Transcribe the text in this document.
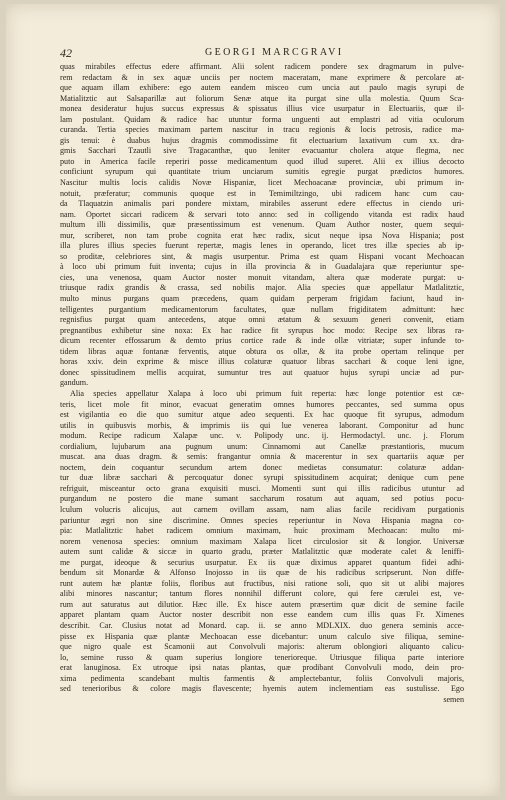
42	GEORGI MARCGRAVI
quas mirabiles effectus edere affirmant. Alii solent radicem pondere sex dragmarum in pulve-
rem redactam & in sex aquæ unciis per noctem maceratam, mane exprimere & percolare at-
que aquam illam exhibere: ego autem eandem misceo cum uncia aut paulo magis syrupi de
Matialitztic aut Salsaparillæ aut foliorum Senæ atque ita purgat sine ulla molestia. Quum Sca-
monea desideratur hujus succus expressus & spissatus illius vice usurpatur in Electuariis, quæ il-
lam postulant. Quidam & radice hac utuntur forma unguenti aut emplastri ad vitia oculorum
curanda. Tertia species maximam partem nascitur in tracu regionis & locis petrosis, radice ma-
gis tenui: è duabus hujus dragmis commodissime fit electuarium laxativum cum xx. dra-
gmis Sacchari Tzautli sive Tragacanthæ, quo leniter evacuantur cholera atque flegma, nec
puto in America facile reperiri posse medicamentum quod illud superet. Alii ex illius decocto
conficiunt syrupum qui quantitate trium unciarum sumitis egregie purgat prædictos humores.
Nascitur multis locis calidis Novæ Hispaniæ, licet Mechoacanæ provinciæ, ubi primum in-
notuit, præferatur; communis quoque est in Temimiltzingo, ubi radicem hanc cum cau-
da Tlaquatzin animalis pari pondere mixtam, mirabiles asserunt edere effectus in ciendo uri-
nam. Oportet siccari radicem & servari toto anno: sed in colligendo vitanda est radix haud
multum illi dissimilis, quæ præsentissimum est venenum. Quam Author noster, quem sequi-
mur, scriberet, non tam probe cognita erat hæc radix, sicut neque ipsa Nova Hispania; post
illa plures illius species fuerunt repertæ, magis lenes in operando, licet tres illæ species ab ip-
so proditæ, celebriores sint, & magis usurpentur. Prima est quam Hispani vocant Mechoacan
à loco ubi primum fuit inventa; cujus in illa provincia & in Guadalajara quæ reperiuntur spe-
cies, una venenosa, quam Auctor noster monuit vitandam, altera quæ moderate purgat: u-
triusque radix grandis & crassa, sed nobilis major. Alia species quæ appellatur Matlalitztic,
multo minus purgans quam præcedens, quam quidam perperam frigidam faciunt, haud in-
telligentes purgantium medicamentorum facultates, quæ nullam frigiditatem admittunt: hæc
regnisfius purgat quam antecedens, atque omni ætatum & sexuum generi convenit, etiam
pregnantibus exhibetur sine noxa: Ex hac radice fit syrupus hoc modo: Recipe sex libras ra-
dicum recenter effossarum & demto prius cortice rade & inde ollæ vitriatæ; super infunde to-
tidem libras aquæ fontanæ ferventis, atque obtura os ollæ, & ita probe opertam relinque per
horas xxiv. dein exprime & misce illius colaturæ quatuor libras sacchari & coque leni igne,
donec spissitudinem mellis acquirat, sumuntur tres aut quatuor hujus syrupi unciæ ad pur-
gandum.
Alia species appellatur Xalapa à loco ubi primum fuit reperta: hæc longe potentior est cæ-
teris, licet mole fit minor, evacuat generatim omnes humores peccantes, sed summa opus
est vigilantia eo die quo sumitur atque adeo sequenti. Ex hac quoque fit syrupus, admodum
utilis in quibusvis morbis, & imprimis iis qui lue venerea laborant. Componitur ad hunc
modum. Recipe radicum Xalapæ unc. v. Polipody unc. ij. Hermodactyl. unc. j. Florum
cordialium, lujubarum ana pugnum unum: Cinnamomi aut Canellæ præstantioris, mucum
muscat. ana duas dragm. & semis: frangantur omnia & macerentur in sex quartariis aquæ per
noctem, dein coquantur secundum artem donec medietas consumatur: colaturæ addan-
tur duæ libræ sacchari & percoquatur donec syrupi spissitudinem acquirat; denique cum pene
refriguit, misceantur octo grana exquisiti musci. Momenti sunt qui illis radicibus utuntur ad
purgandum ne postero die mane sumant saccharum rosatum aut aquam, sed potius pocu-
lculum volucris alicujus, aut carnem ovillam assam, nam alias facile recidivam purgationis
pariuntur ægri non sine discrimine. Omnes species reperiuntur in Nova Hispania magna co-
pia: Matlalitztic habet radicem omnium maximam, huic proximam Mechoacan: multo mi-
norem venenosa species: omnium maximam Xalapa licet circulosior sit & longior. Universæ
autem sunt calidæ & siccæ in quarto gradu, præter Matlalitztic quæ moderate calet & leniffi-
me purgat, ideoque & securius usurpatur. Ex iis quæ diximus apparet quantum fidei adhi-
bendum sit Monardæ & Alfonso Inojosso in iis quæ de his radicibus scripserunt. Non diffe-
runt autem hæ plantæ foliis, floribus aut fructibus, nisi ratione soli, quo sit ut alibi majores
alibi minores nascantur; tantum flores nonnihil differunt colore, qui fere cærulei est, ve-
rum aut saturatus aut dilutior. Hæc ille. Ex hisce autem præsertim quæ dicit de semine facile
apparet plantam quam Auctor noster describit non esse eandem cum illis quas Fr. Ximenes
describit. Car. Clusius notat ad Monard. cap. ii. se anno MDLXIX. duo genera seminis acce-
pisse ex Hispania quæ plantæ Mechoacan esse dicebantur: unum calculo sive filiqua, semine-
que nigro quale est Scamonii aut Convolvuli majoris: alterum oblongiori aliquanto calicu-
lo, semine russo & quam superius longiore tenerioreque. Utriusque filiqua parte interiore
erat lanuginosa. Ex utroque ipsi natas plantas, quæ prodibant Convolvuli modo, dein pro-
xima pedimenta scandebant multis farmentis & amplectebantur, foliis Convolvuli majoris,
sed tenerioribus & colore magis flavescente; hyemis autem inclementiam eas sustulisse. Ego
semen
